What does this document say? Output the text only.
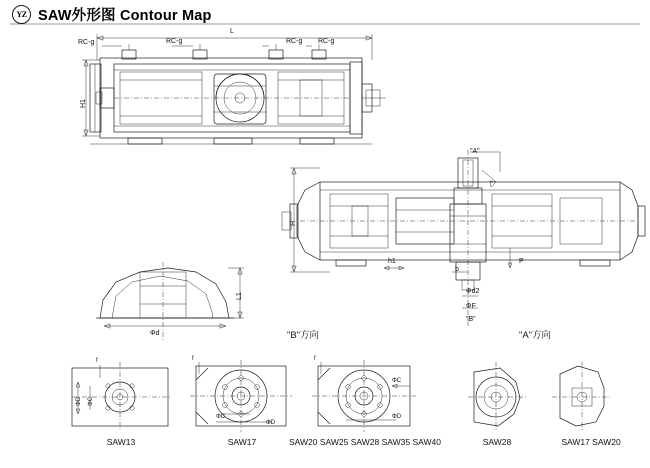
YZ SAW外形图 Contour Map
L
H1
RC-g	RC-g	RC-g RC-g
"A"
H
P
b
h1
Φd2
ΦF
"B"
L1
Φd	"B"方向	"A"方向
f
ΦD ΦC
SAW13
f
ΦC
ΦD
SAW17
f
ΦC
ΦD
SAW20 SAW25 SAW28 SAW35 SAW40	SAW28	SAW17 SAW20
